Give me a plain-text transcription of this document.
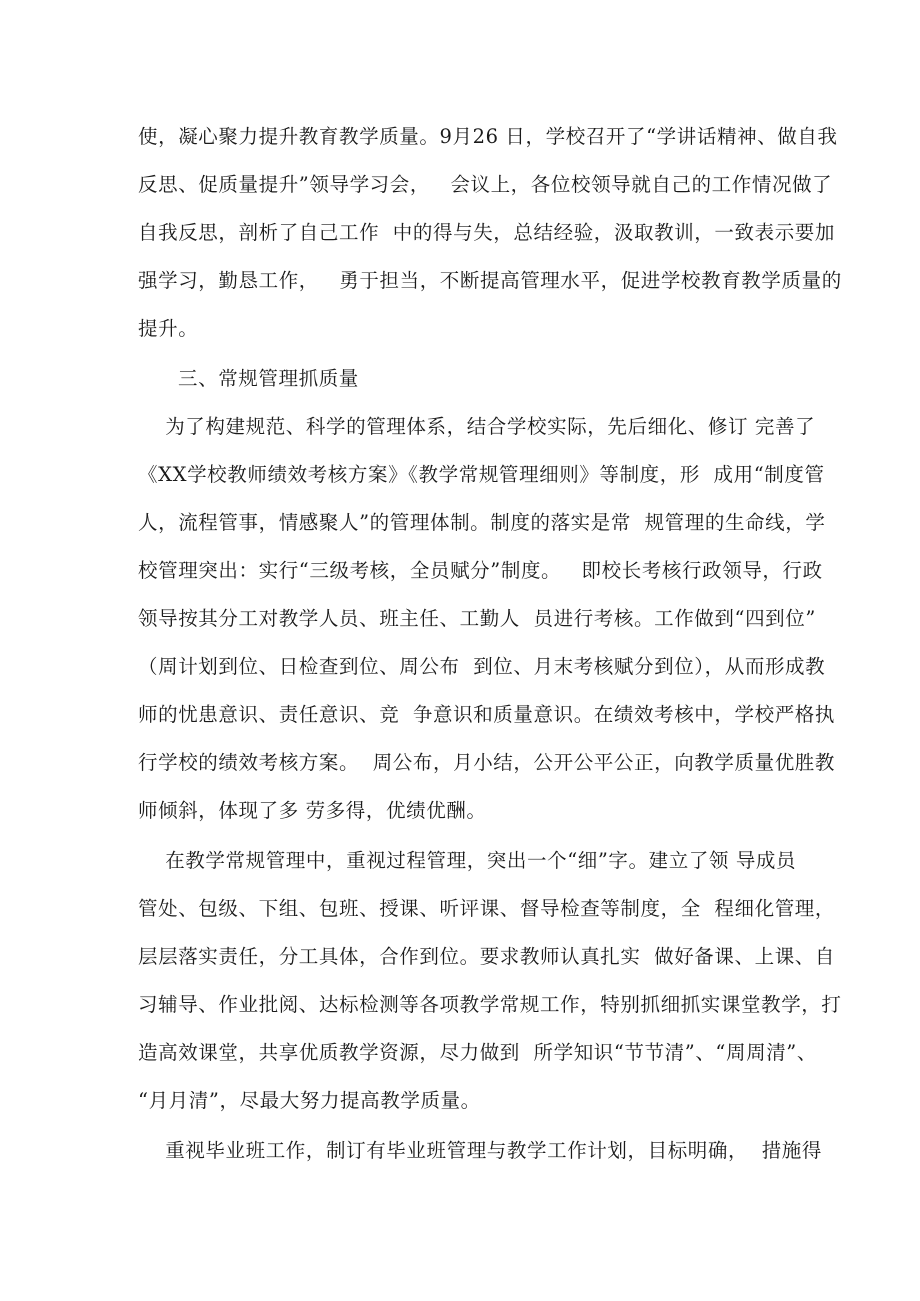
使，凝心聚力提升教育教学质量。9月26 日，学校召开了“学讲话精神、做自我
反思、促质量提升”领导学习会，   会议上，各位校领导就自己的工作情况做了
自我反思，剖析了自己工作  中的得与失，总结经验，汲取教训，一致表示要加
强学习，勤恳工作，   勇于担当，不断提高管理水平，促进学校教育教学质量的
提升。
三、常规管理抓质量
为了构建规范、科学的管理体系，结合学校实际，先后细化、修订 完善了
《XX学校教师绩效考核方案》《教学常规管理细则》等制度，形  成用“制度管
人，流程管事，情感聚人”的管理体制。制度的落实是常  规管理的生命线，学
校管理突出：实行“三级考核，全员赋分”制度。   即校长考核行政领导，行政
领导按其分工对教学人员、班主任、工勤人  员进行考核。工作做到“四到位”
（周计划到位、日检查到位、周公布  到位、月末考核赋分到位），从而形成教
师的忧患意识、责任意识、竞  争意识和质量意识。在绩效考核中，学校严格执
行学校的绩效考核方案。  周公布，月小结，公开公平公正，向教学质量优胜教
师倾斜，体现了多 劳多得，优绩优酬。
在教学常规管理中，重视过程管理，突出一个“细”字。建立了领 导成员
管处、包级、下组、包班、授课、听评课、督导检查等制度，全  程细化管理，
层层落实责任，分工具体，合作到位。要求教师认真扎实  做好备课、上课、自
习辅导、作业批阅、达标检测等各项教学常规工作，特别抓细抓实课堂教学，打
造高效课堂，共享优质教学资源，尽力做到  所学知识“节节清”、“周周清”、
“月月清”，尽最大努力提高教学质量。
重视毕业班工作，制订有毕业班管理与教学工作计划，目标明确，  措施得
